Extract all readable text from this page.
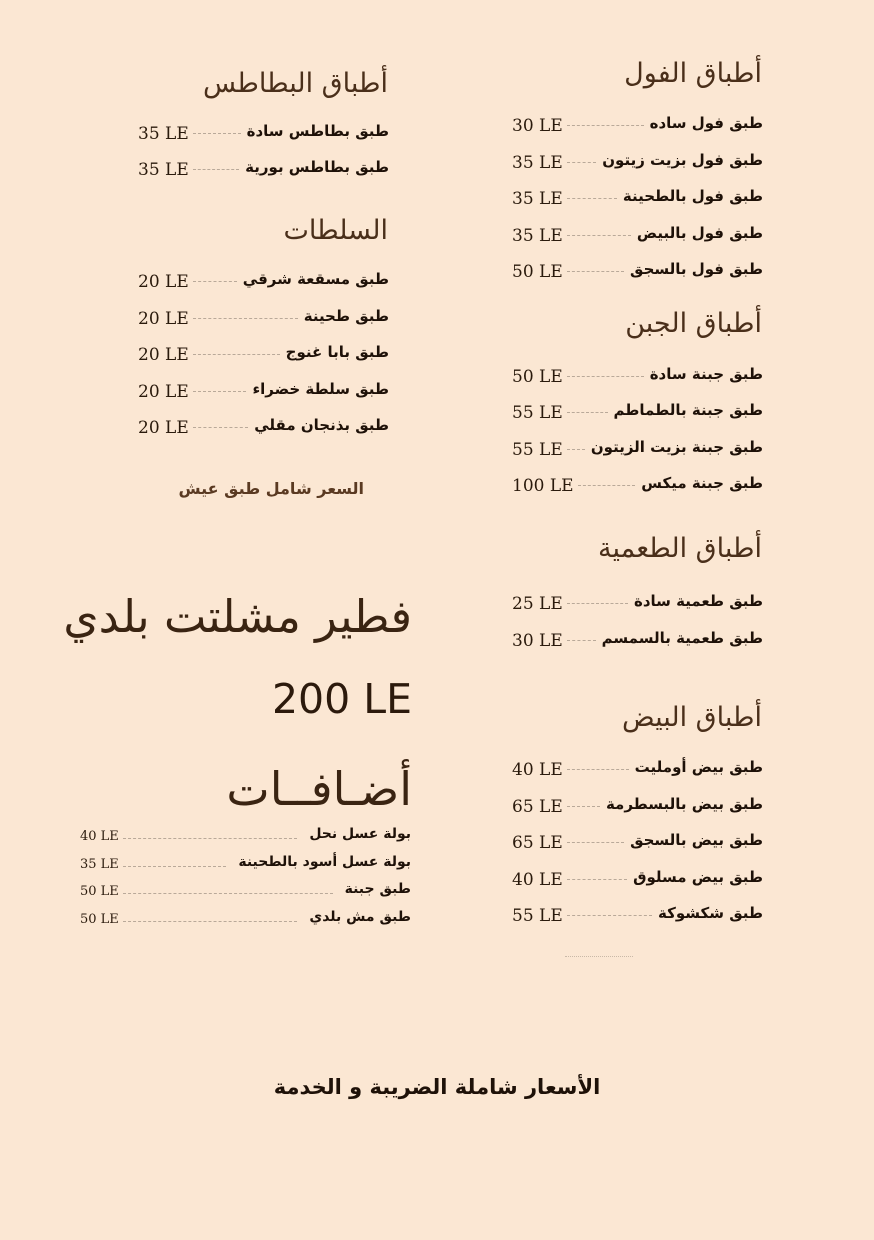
أطباق الفول
30 LE	طبق فول ساده
35 LE	طبق فول بزيت زيتون
35 LE	طبق فول بالطحينة
35 LE	طبق فول بالبيض
50 LE	طبق فول بالسجق
أطباق الجبن
50 LE	طبق جبنة سادة
55 LE	طبق جبنة بالطماطم
55 LE طبق جبنة بزيت الزيتون
100 LE	طبق جبنة ميكس
أطباق الطعمية
25 LE	طبق طعمية سادة
30 LE	طبق طعمية بالسمسم
أطباق البيض
40 LE	طبق بيض أومليت
65 LE	طبق بيض بالبسطرمة
65 LE	طبق بيض بالسجق
40 LE	طبق بيض مسلوق
55 LE	طبق شكشوكة
أطباق البطاطس
35 LE	طبق بطاطس سادة
35 LE	طبق بطاطس بورية
السلطات
20 LE	طبق مسقعة شرقي
20 LE	طبق طحينة
20 LE	طبق بابا غنوج
20 LE	طبق سلطة خضراء
20 LE	طبق بذنجان مقلي
السعر شامل طبق عيش
فطير مشلتت بلدي
200 LE
أضـافــات
40 LE	بولة عسل نحل
35 LE	بولة عسل أسود بالطحينة
50 LE	طبق جبنة
50 LE	طبق مش بلدي
الأسعار شاملة الضريبة و الخدمة
